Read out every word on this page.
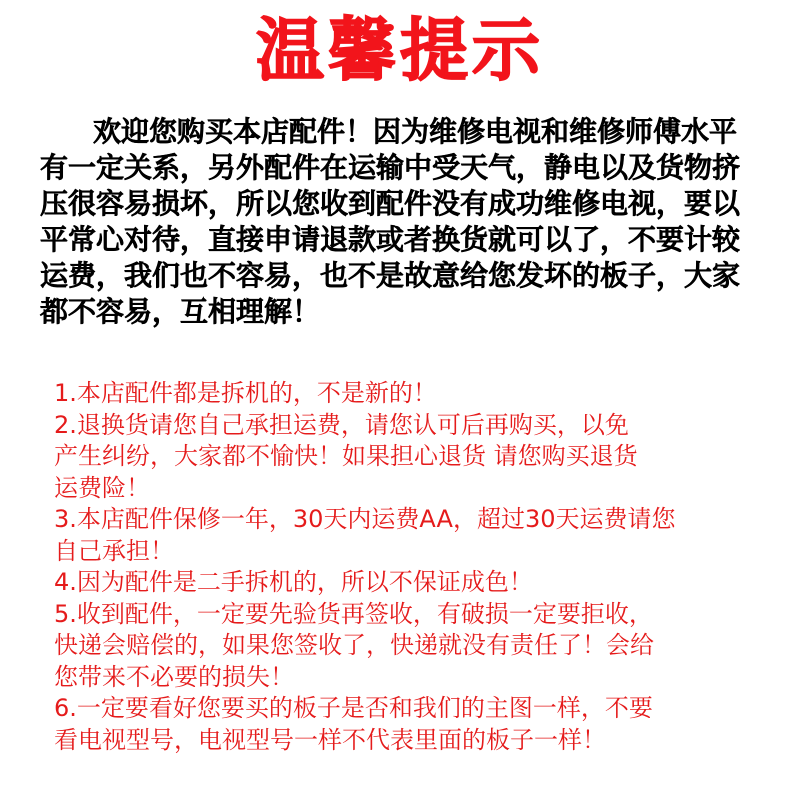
温馨提示
欢迎您购买本店配件！因为维修电视和维修师傅水平
有一定关系，另外配件在运输中受天气，静电以及货物挤
压很容易损坏，所以您收到配件没有成功维修电视，要以
平常心对待，直接申请退款或者换货就可以了，不要计较
运费，我们也不容易，也不是故意给您发坏的板子，大家
都不容易，互相理解！
1.本店配件都是拆机的，不是新的！
2.退换货请您自己承担运费，请您认可后再购买，以免
产生纠纷，大家都不愉快！如果担心退货 请您购买退货
运费险！
3.本店配件保修一年，30天内运费AA，超过30天运费请您
自己承担！
4.因为配件是二手拆机的，所以不保证成色！
5.收到配件，一定要先验货再签收，有破损一定要拒收，
快递会赔偿的，如果您签收了，快递就没有责任了！会给
您带来不必要的损失！
6.一定要看好您要买的板子是否和我们的主图一样，不要
看电视型号，电视型号一样不代表里面的板子一样！
